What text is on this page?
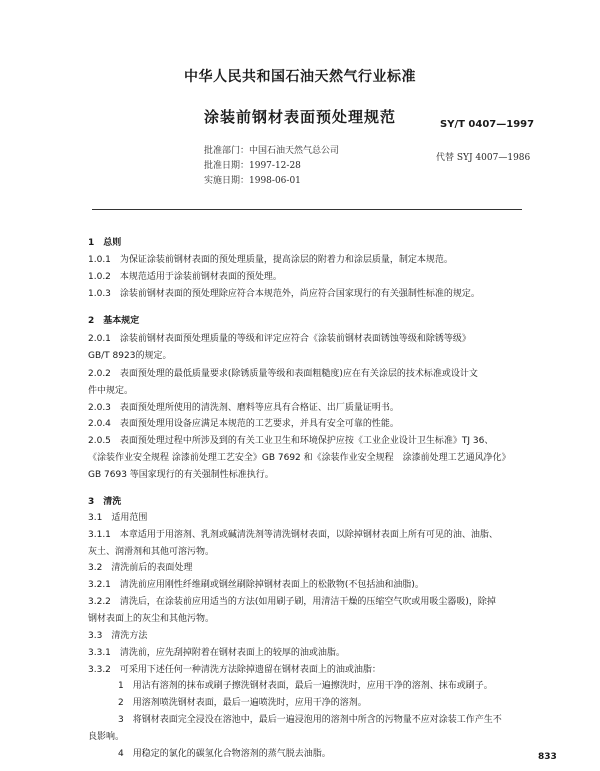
中华人民共和国石油天然气行业标准
涂装前钢材表面预处理规范	SY/T 0407—1997
批准部门：中国石油天然气总公司
代替 SYJ 4007—1986
批准日期：1997-12-28
实施日期：1998-06-01
1　总则
1.0.1　 为保证涂装前钢材表面的预处理质量，提高涂层的附着力和涂层质量，制定本规范。
1.0.2　 本规范适用于涂装前钢材表面的预处理。
1.0.3　 涂装前钢材表面的预处理除应符合本规范外，尚应符合国家现行的有关强制性标准的规定。
2　基本规定
2.0.1　涂装前钢材表面预处理质量的等级和评定应符合《涂装前钢材表面锈蚀等级和除锈等级》
GB/T 8923的规定。
2.0.2　表面预处理的最低质量要求(除锈质量等级和表面粗糙度)应在有关涂层的技术标准或设计文
件中规定。
2.0.3　表面预处理所使用的清洗剂、磨料等应具有合格证、出厂质量证明书。
2.0.4　表面预处理用设备应满足本规范的工艺要求，并具有安全可靠的性能。
2.0.5　表面预处理过程中所涉及到的有关工业卫生和环境保护应按《工业企业设计卫生标准》TJ 36、
《涂装作业安全规程 涂漆前处理工艺安全》GB 7692 和《涂装作业安全规程　涂漆前处理工艺通风净化》
GB 7693 等国家现行的有关强制性标准执行。
3　清洗
3.1　适用范围
3.1.1　本章适用于用溶剂、乳剂或碱清洗剂等清洗钢材表面，以除掉钢材表面上所有可见的油、油脂、
灰土、润滑剂和其他可溶污物。
3.2　清洗前后的表面处理
3.2.1　清洗前应用刚性纤维刷或钢丝刷除掉钢材表面上的松散物(不包括油和油脂)。
3.2.2　清洗后，在涂装前应用适当的方法(如用刷子刷，用清洁干燥的压缩空气吹或用吸尘器吸)，除掉
钢材表面上的灰尘和其他污物。
3.3　清洗方法
3.3.1　清洗前，应先刮掉附着在钢材表面上的较厚的油或油脂。
3.3.2　可采用下述任何一种清洗方法除掉遗留在钢材表面上的油或油脂：
1　用沾有溶剂的抹布或刷子擦洗钢材表面，最后一遍擦洗时，应用干净的溶剂、抹布或刷子。
2　用溶剂喷洗钢材表面，最后一遍喷洗时，应用干净的溶剂。
3　将钢材表面完全浸没在溶池中，最后一遍浸泡用的溶剂中所含的污物量不应对涂装工作产生不
良影响。
4　用稳定的氯化的碳氢化合物溶剂的蒸气脱去油脂。	833
